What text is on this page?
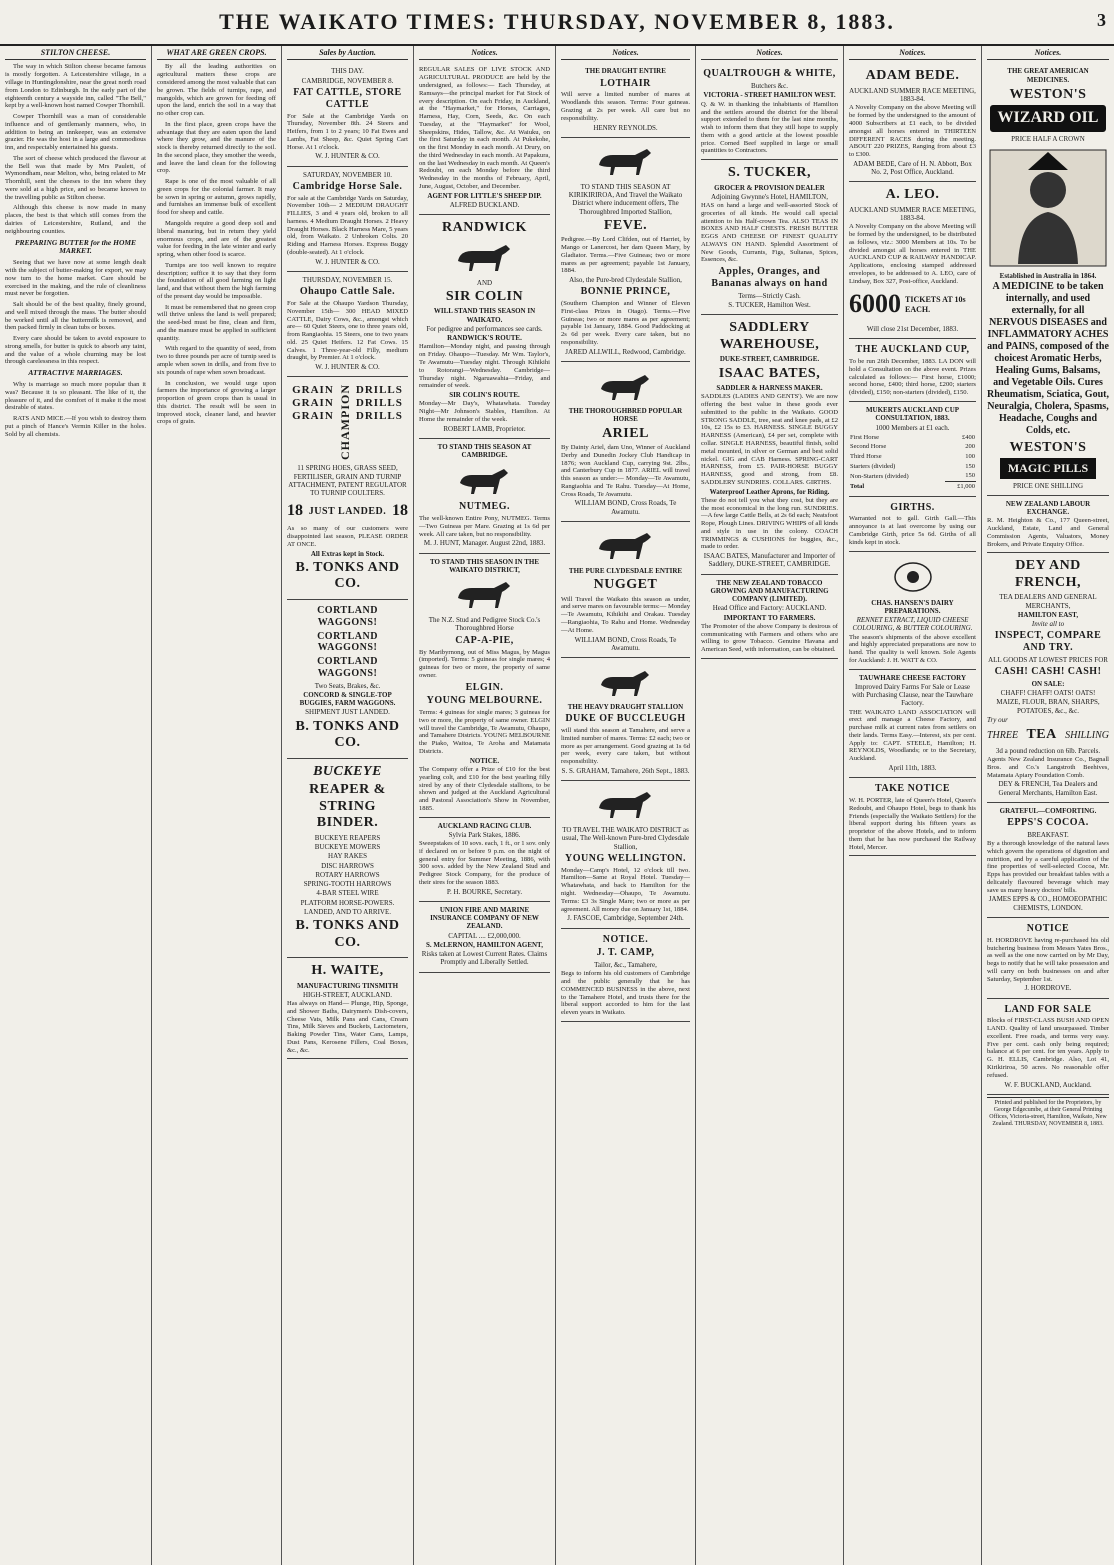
THE WAIKATO TIMES: THURSDAY, NOVEMBER 8, 1883.	3
STILTON CHEESE.

The way in which Stilton cheese became famous is mostly forgotten. A Leicestershire village, in a village in Huntingdonshire, near the great north road from London to Edinburgh. In the early part of the eighteenth century a wayside inn, called "The Bell," kept by a well-known host named Cowper Thornhill.

Cowper Thornhill was a man of considerable influence and of gentlemanly manners, who, in addition to being an innkeeper, was an extensive grazier. He was the host in a large and commodious inn, and respectably entertained his guests.

The sort of cheese which produced the flavour at the Bell was that made by Mrs Paulett, of Wymondham, near Melton, who, being related to Mr Thornhill, sent the cheeses to the inn where they were sold at a high price, and so became known to the travelling public as Stilton cheese.

Although this cheese is now made in many places, the best is that which still comes from the dairies of Leicestershire, Rutland, and the neighbouring counties.

PREPARING BUTTER for the HOME MARKET.

Seeing that we have now at some length dealt with the subject of butter-making for export, we may now turn to the home market. Care should be exercised in the making, and the rule of cleanliness must never be forgotten.

Salt should be of the best quality, finely ground, and well mixed through the mass. The butter should be worked until all the buttermilk is removed, and then packed firmly in clean tubs or boxes.

Every care should be taken to avoid exposure to strong smells, for butter is quick to absorb any taint, and the value of a whole churning may be lost through carelessness in this respect.

ATTRACTIVE MARRIAGES.

Why is marriage so much more popular than it was? Because it is so pleasant. The like of it, the pleasure of it, and the comfort of it make it the most desirable of states.

RATS AND MICE.—If you wish to destroy them put a pinch of Hance's Vermin Killer in the holes. Sold by all chemists.

WHAT ARE GREEN CROPS.

By all the leading authorities on agricultural matters these crops are considered among the most valuable that can be grown. The fields of turnips, rape, and mangolds, which are grown for feeding off upon the land, enrich the soil in a way that no other crop can.

In the first place, green crops have the advantage that they are eaten upon the land where they grow, and the manure of the stock is thereby returned directly to the soil. In the second place, they smother the weeds, and leave the land clean for the following crop.

Rape is one of the most valuable of all green crops for the colonial farmer. It may be sown in spring or autumn, grows rapidly, and furnishes an immense bulk of excellent food for sheep and cattle.

Mangolds require a good deep soil and liberal manuring, but in return they yield enormous crops, and are of the greatest value for feeding in the late winter and early spring, when other food is scarce.

Turnips are too well known to require description; suffice it to say that they form the foundation of all good farming on light land, and that without them the high farming of the present day would be impossible.

It must be remembered that no green crop will thrive unless the land is well prepared; the seed-bed must be fine, clean and firm, and the manure must be applied in sufficient quantity.

With regard to the quantity of seed, from two to three pounds per acre of turnip seed is ample when sown in drills, and from five to six pounds of rape when sown broadcast.

In conclusion, we would urge upon farmers the importance of growing a larger proportion of green crops than is usual in this district. The result will be seen in improved stock, cleaner land, and heavier crops of grain.

Sales by Auction.
THIS DAY.
CAMBRIDGE, NOVEMBER 8.
FAT CATTLE, STORE CATTLE
For Sale at the Cambridge Yards on Thursday, November 8th. 24 Steers and Heifers, from 1 to 2 years; 10 Fat Ewes and Lambs, Fat Sheep, &c. Quiet Spring Cart Horse. At 1 o'clock.
W. J. HUNTER & CO.
SATURDAY, NOVEMBER 10.
Cambridge Horse Sale.
For sale at the Cambridge Yards on Saturday, November 10th— 2 MEDIUM DRAUGHT FILLIES, 3 and 4 years old, broken to all harness. 4 Medium Draught Horses. 2 Heavy Draught Horses. Black Harness Mare, 5 years old, from Waikato. 2 Unbroken Colts. 20 Riding and Harness Horses. Express Buggy (double-seated). At 1 o'clock.
W. J. HUNTER & CO.
THURSDAY, NOVEMBER 15.
Ohaupo Cattle Sale.
For Sale at the Ohaupo Yardson Thursday, November 15th— 300 HEAD MIXED CATTLE, Dairy Cows, &c., amongst which are— 60 Quiet Steers, one to three years old, from Rangiaohia. 15 Steers, one to two years old. 25 Quiet Heifers. 12 Fat Cows. 15 Calves. 1 Three-year-old Filly, medium draught, by Premier. At 1 o'clock.
W. J. HUNTER & CO.
GRAIN
GRAIN
GRAIN CHAMPION DRILLS
DRILLS
DRILLS
11 SPRING HOES, GRASS SEED, FERTILISER, GRAIN AND TURNIP ATTACHMENT, PATENT REGULATOR TO TURNIP COULTERS.
18 JUST LANDED. 18
As so many of our customers were disappointed last season, PLEASE ORDER AT ONCE.
All Extras kept in Stock.
B. TONKS AND CO.
CORTLAND WAGGONS!
CORTLAND WAGGONS!
CORTLAND WAGGONS!
Two Seats, Brakes, &c.
CONCORD & SINGLE-TOP BUGGIES, FARM WAGGONS.
SHIPMENT JUST LANDED.
B. TONKS AND CO.
BUCKEYE
REAPER & STRING BINDER.
BUCKEYE REAPERS
BUCKEYE MOWERS
HAY RAKES
DISC HARROWS
ROTARY HARROWS
SPRING-TOOTH HARROWS
4-BAR STEEL WIRE
PLATFORM HORSE-POWERS.
LANDED, AND TO ARRIVE.
B. TONKS AND CO.
H. WAITE,
MANUFACTURING TINSMITH
HIGH-STREET, AUCKLAND.
Has always on Hand— Plunge, Hip, Sponge, and Shower Baths, Dairymen's Dish-covers, Cheese Vats, Milk Pans and Cans, Cream Tins, Milk Sieves and Buckets, Lactometers, Baking Powder Tins, Water Cans, Lamps, Dust Pans, Kerosene Fillers, Coal Boxes, &c., &c.
Notices.
REGULAR SALES OF LIVE STOCK AND AGRICULTURAL PRODUCE are held by the undersigned, as follows:— Each Thursday, at Ramsays—the principal market for Fat Stock of every description. On each Friday, in Auckland, at the "Haymarket," for Horses, Carriages, Harness, Hay, Corn, Seeds, &c. On each Tuesday, at the "Haymarket" for Wool, Sheepskins, Hides, Tallow, &c. At Waiuku, on the first Saturday in each month. At Pukekohe, on the first Monday in each month. At Drury, on the third Wednesday in each month. At Papakura, on the last Wednesday in each month. At Queen's Redoubt, on each Monday before the third Wednesday in the months of February, April, June, August, October, and December.
AGENT FOR LITTLE'S SHEEP DIP.
ALFRED BUCKLAND.
RANDWICK
AND
SIR COLIN
WILL STAND THIS SEASON IN WAIKATO.
For pedigree and performances see cards.
RANDWICK'S ROUTE.
Hamilton—Monday night, and passing through on Friday. Ohaupo—Tuesday. Mr Wm. Taylor's, Te Awamutu—Tuesday night. Through Kihikihi to Rotorangi—Wednesday. Cambridge—Thursday night. Ngaruawahia—Friday, and remainder of week.
SIR COLIN'S ROUTE.
Monday—Mr Day's, Whatawhata. Tuesday Night—Mr Johnson's Stables, Hamilton. At Home the remainder of the week.
ROBERT LAMB, Proprietor.
TO STAND THIS SEASON AT CAMBRIDGE.
NUTMEG.
The well-known Entire Pony, NUTMEG. Terms—Two Guineas per Mare. Grazing at 1s 6d per week. All care taken, but no responsibility.
M. J. HUNT, Manager. August 22nd, 1883.
TO STAND THIS SEASON IN THE WAIKATO DISTRICT,
The N.Z. Stud and Pedigree Stock Co.'s Thoroughbred Horse
CAP-A-PIE,
By Maribyrnong, out of Miss Magus, by Magus (imported). Terms: 5 guineas for single mares; 4 guineas for two or more, the property of same owner.
ELGIN.
YOUNG MELBOURNE.
Terms: 4 guineas for single mares; 3 guineas for two or more, the property of same owner. ELGIN will travel the Cambridge, Te Awamutu, Ohaupo, and Tamahere Districts. YOUNG MELBOURNE the Piako, Waitoa, Te Aroha and Matamata Districts.
NOTICE.
The Company offer a Prize of £10 for the best yearling colt, and £10 for the best yearling filly sired by any of their Clydesdale stallions, to be shown and judged at the Auckland Agricultural and Pastoral Association's Show in November, 1885.
AUCKLAND RACING CLUB.
Sylvia Park Stakes, 1886.
Sweepstakes of 10 sovs. each, 1 ft., or 1 sov. only if declared on or before 9 p.m. on the night of general entry for Summer Meeting, 1886, with 300 sovs. added by the New Zealand Stud and Pedigree Stock Company, for the produce of their sires for the season 1883.
P. H. BOURKE, Secretary.
UNION FIRE AND MARINE INSURANCE COMPANY OF NEW ZEALAND.
CAPITAL .... £2,000,000.
S. McLERNON, HAMILTON AGENT,
Risks taken at Lowest Current Rates. Claims Promptly and Liberally Settled.
Notices.
THE DRAUGHT ENTIRE
LOTHAIR
Will serve a limited number of mares at Woodlands this season. Terms: Four guineas. Grazing at 2s per week. All care but no responsibility.
HENRY REYNOLDS.
TO STAND THIS SEASON AT KIRIKIRIROA, And Travel the Waikato District where inducement offers, The Thoroughbred Imported Stallion,
FEVE.
Pedigree.—By Lord Clifden, out of Harriet, by Mango or Lanercost, her dam Queen Mary, by Gladiator. Terms.—Five Guineas; two or more mares as per agreement; payable 1st January, 1884.
Also, the Pure-bred Clydesdale Stallion,
BONNIE PRINCE,
(Southern Champion and Winner of Eleven First-class Prizes in Otago). Terms.—Five Guineas; two or more mares as per agreement; payable 1st January, 1884. Good Paddocking at 2s 6d per week. Every care taken, but no responsibility.
JARED ALLWILL, Redwood, Cambridge.
THE THOROUGHBRED POPULAR HORSE
ARIEL
By Dainty Ariel, dam Uno, Winner of Auckland Derby and Dunedin Jockey Club Handicap in 1876; won Auckland Cup, carrying 9st. 2lbs., and Canterbury Cup in 1877. ARIEL will travel this season as under:— Monday—Te Awamutu, Rangiaohia and Te Rahu. Tuesday—At Home, Cross Roads, Te Awamutu.
WILLIAM BOND, Cross Roads, Te Awamutu.
THE PURE CLYDESDALE ENTIRE
NUGGET
Will Travel the Waikato this season as under, and serve mares on favourable terms:— Monday—Te Awamutu, Kihikihi and Orakau. Tuesday—Rangiaohia, To Rahu and Home. Wednesday—At Home.
WILLIAM BOND, Cross Roads, Te Awamutu.
THE HEAVY DRAUGHT STALLION
DUKE OF BUCCLEUGH
will stand this season at Tamahere, and serve a limited number of mares. Terms: £2 each; two or more as per arrangement. Good grazing at 1s 6d per week, every care taken, but without responsibility.
S. S. GRAHAM, Tamahere, 26th Sept., 1883.
TO TRAVEL THE WAIKATO DISTRICT as usual, The Well-known Pure-bred Clydesdale Stallion,
YOUNG WELLINGTON.
Monday—Camp's Hotel, 12 o'clock till two. Hamilton—Same at Royal Hotel. Tuesday—Whatawhata, and back to Hamilton for the night. Wednesday—Ohaupo, Te Awamutu. Terms: £3 3s Single Mare; two or more as per agreement. All money due on January 1st, 1884.
J. FASCOE, Cambridge, September 24th.
NOTICE.
J. T. CAMP,
Tailor, &c., Tamahere,
Begs to inform his old customers of Cambridge and the public generally that he has COMMENCED BUSINESS in the above, next to the Tamahere Hotel, and trusts there for the liberal support accorded to him for the last eleven years in Waikato.
Notices.
QUALTROUGH & WHITE,
Butchers &c.
VICTORIA - STREET HAMILTON WEST.
Q. & W. in thanking the inhabitants of Hamilton and the settlers around the district for the liberal support extended to them for the last nine months, wish to inform them that they still hope to supply them with a good article at the lowest possible price. Corned Beef supplied in large or small quantities to Contractors.
S. TUCKER,
GROCER & PROVISION DEALER
Adjoining Gwynne's Hotel, HAMILTON,
HAS on hand a large and well-assorted Stock of groceries of all kinds. He would call special attention to his Half-crown Tea. ALSO TEAS IN BOXES AND HALF CHESTS. FRESH BUTTER EGGS AND CHEESE OF FINEST QUALITY ALWAYS ON HAND. Splendid Assortment of New Goods, Currants, Figs, Sultanas, Spices, Essences, &c.
Apples, Oranges, and Bananas always on hand
Terms—Strictly Cash.
S. TUCKER, Hamilton West.
SADDLERY WAREHOUSE,
DUKE-STREET, CAMBRIDGE.
ISAAC BATES,
SADDLER & HARNESS MAKER.
SADDLES (LADIES AND GENTS'). We are now offering the best value in these goods ever submitted to the public in the Waikato. GOOD STRONG SADDLE, tree, seat and knee pads, at £2 10s, £2 15s to £3. HARNESS. SINGLE BUGGY HARNESS (American), £4 per set, complete with collar. SINGLE HARNESS, beautiful finish, solid metal mounted, in silver or German and best solid nickel. GIG and CAB Harness. SPRING-CART HARNESS, from £5. PAIR-HORSE BUGGY HARNESS, good and strong, from £8. SADDLERY SUNDRIES. COLLARS. GIRTHS.
Waterproof Leather Aprons, for Riding.
These do not tell you what they cost, but they are the most economical in the long run. SUNDRIES.—A few large Cattle Bells, at 2s 6d each; Neatsfoot Rope, Plough Lines. DRIVING WHIPS of all kinds and style in use in the colony. COACH TRIMMINGS & CUSHIONS for buggies, &c., made to order.
ISAAC BATES, Manufacturer and Importer of Saddlery, DUKE-STREET, CAMBRIDGE.
THE NEW ZEALAND TOBACCO GROWING AND MANUFACTURING COMPANY (LIMITED).
Head Office and Factory: AUCKLAND.
IMPORTANT TO FARMERS.
The Promoter of the above Company is desirous of communicating with Farmers and others who are willing to grow Tobacco. Genuine Havana and American Seed, with information, can be obtained.
Notices.
ADAM BEDE.
AUCKLAND SUMMER RACE MEETING, 1883-84.
A Novelty Company on the above Meeting will be formed by the undersigned to the amount of 4000 Subscribers at £1 each, to be divided amongst all horses entered in THIRTEEN DIFFERENT RACES during the meeting. ABOUT 220 PRIZES, Ranging from about £3 to £300.
ADAM BEDE, Care of H. N. Abbott, Box No. 2, Post Office, Auckland.
A. LEO.
AUCKLAND SUMMER RACE MEETING, 1883-84.
A Novelty Company on the above Meeting will be formed by the undersigned, to be distributed as follows, viz.: 3000 Members at 10s. To be divided amongst all horses entered in THE AUCKLAND CUP & RAILWAY HANDICAP. Applications, enclosing stamped addressed envelopes, to be addressed to A. LEO, care of Lindsay, Box 327, Post-office, Auckland.
6000 TICKETS AT 10s EACH.
Will close 21st December, 1883.
THE AUCKLAND CUP,
To be run 26th December, 1883. LA DON will hold a Consultation on the above event. Prizes calculated as follows:— First horse, £1000; second horse, £400; third horse, £200; starters (divided), £150; non-starters (divided), £150.
MUKERTS AUCKLAND CUP CONSULTATION, 1883.
1000 Members at £1 each.
First Horse	£400
Second Horse	200
Third Horse	100
Starters (divided)	150
Non-Starters (divided)	150
Total	£1,000
GIRTHS.
Warranted not to gall. Girth Gall.—This annoyance is at last overcome by using our Cambridge Girth, price 5s 6d. Girths of all kinds kept in stock.
CHAS. HANSEN'S DAIRY PREPARATIONS.
RENNET EXTRACT, LIQUID CHEESE COLOURING, & BUTTER COLOURING.
The season's shipments of the above excellent and highly appreciated preparations are now to hand. The quality is well known. Sole Agents for Auckland: J. H. WATT & CO.
TAUWHARE CHEESE FACTORY
Improved Dairy Farms For Sale or Lease with Purchasing Clause, near the Tauwhare Factory.
THE WAIKATO LAND ASSOCIATION will erect and manage a Cheese Factory, and purchase milk at current rates from settlers on their lands. Terms Easy.—Interest, six per cent. Apply to: CAPT. STEELE, Hamilton; H. REYNOLDS, Woodlands; or to the Secretary, Auckland.
April 11th, 1883.
TAKE NOTICE
W. H. PORTER, late of Queen's Hotel, Queen's Redoubt, and Ohaupo Hotel, begs to thank his Friends (especially the Waikato Settlers) for the liberal support during his fifteen years as proprietor of the above Hotels, and to inform them that he has now purchased the Railway Hotel, Mercer.
Notices.
THE GREAT AMERICAN MEDICINES.
WESTON'S
WIZARD OIL
PRICE HALF A CROWN
Established in Australia in 1864.
A MEDICINE to be taken internally, and used externally, for all NERVOUS DISEASES and INFLAMMATORY ACHES and PAINS, composed of the choicest Aromatic Herbs, Healing Gums, Balsams, and Vegetable Oils. Cures Rheumatism, Sciatica, Gout, Neuralgia, Cholera, Spasms, Headache, Coughs and Colds, etc.
WESTON'S
MAGIC PILLS
PRICE ONE SHILLING
NEW ZEALAND LABOUR EXCHANGE.
R. M. Heighton & Co., 177 Queen-street, Auckland, Estate, Land and General Commission Agents, Valuators, Money Brokers, and Private Enquiry Office.
DEY AND FRENCH,
TEA DEALERS AND GENERAL MERCHANTS,
HAMILTON EAST,
Invite all to
INSPECT, COMPARE AND TRY.
ALL GOODS AT LOWEST PRICES FOR
CASH! CASH! CASH!
ON SALE:
CHAFF! CHAFF! OATS! OATS!
MAIZE, FLOUR, BRAN, SHARPS, POTATOES, &c., &c.
Try our
THREE TEA SHILLING
3d a pound reduction on 6lb. Parcels.
Agents New Zealand Insurance Co., Bagnall Bros. and Co.'s Langstroth Beehives, Matamata Apiary Foundation Comb.
DEY & FRENCH, Tea Dealers and General Merchants, Hamilton East.
GRATEFUL—COMFORTING.
EPPS'S COCOA.
BREAKFAST.
By a thorough knowledge of the natural laws which govern the operations of digestion and nutrition, and by a careful application of the fine properties of well-selected Cocoa, Mr. Epps has provided our breakfast tables with a delicately flavoured beverage which may save us many heavy doctors' bills.
JAMES EPPS & CO., HOMOEOPATHIC CHEMISTS, LONDON.
NOTICE
H. HORDROVE having re-purchased his old butchering business from Messrs Yates Bros., as well as the one now carried on by Mr Day, begs to notify that he will take possession and will carry on both businesses on and after Saturday, September 1st.
J. HORDROVE.
LAND FOR SALE
Blocks of FIRST-CLASS BUSH AND OPEN LAND. Quality of land unsurpassed. Timber excellent. Free roads, and terms very easy. Five per cent. cash only being required; balance at 6 per cent. for ten years. Apply to G. H. ELLIS, Cambridge. Also, Lot 41, Kirikiriroa, 50 acres. No reasonable offer refused.
W. F. BUCKLAND, Auckland.
Printed and published for the Proprietors, by George Edgecumbe, at their General Printing Offices, Victoria-street, Hamilton, Waikato, New Zealand. THURSDAY, NOVEMBER 8, 1883.
